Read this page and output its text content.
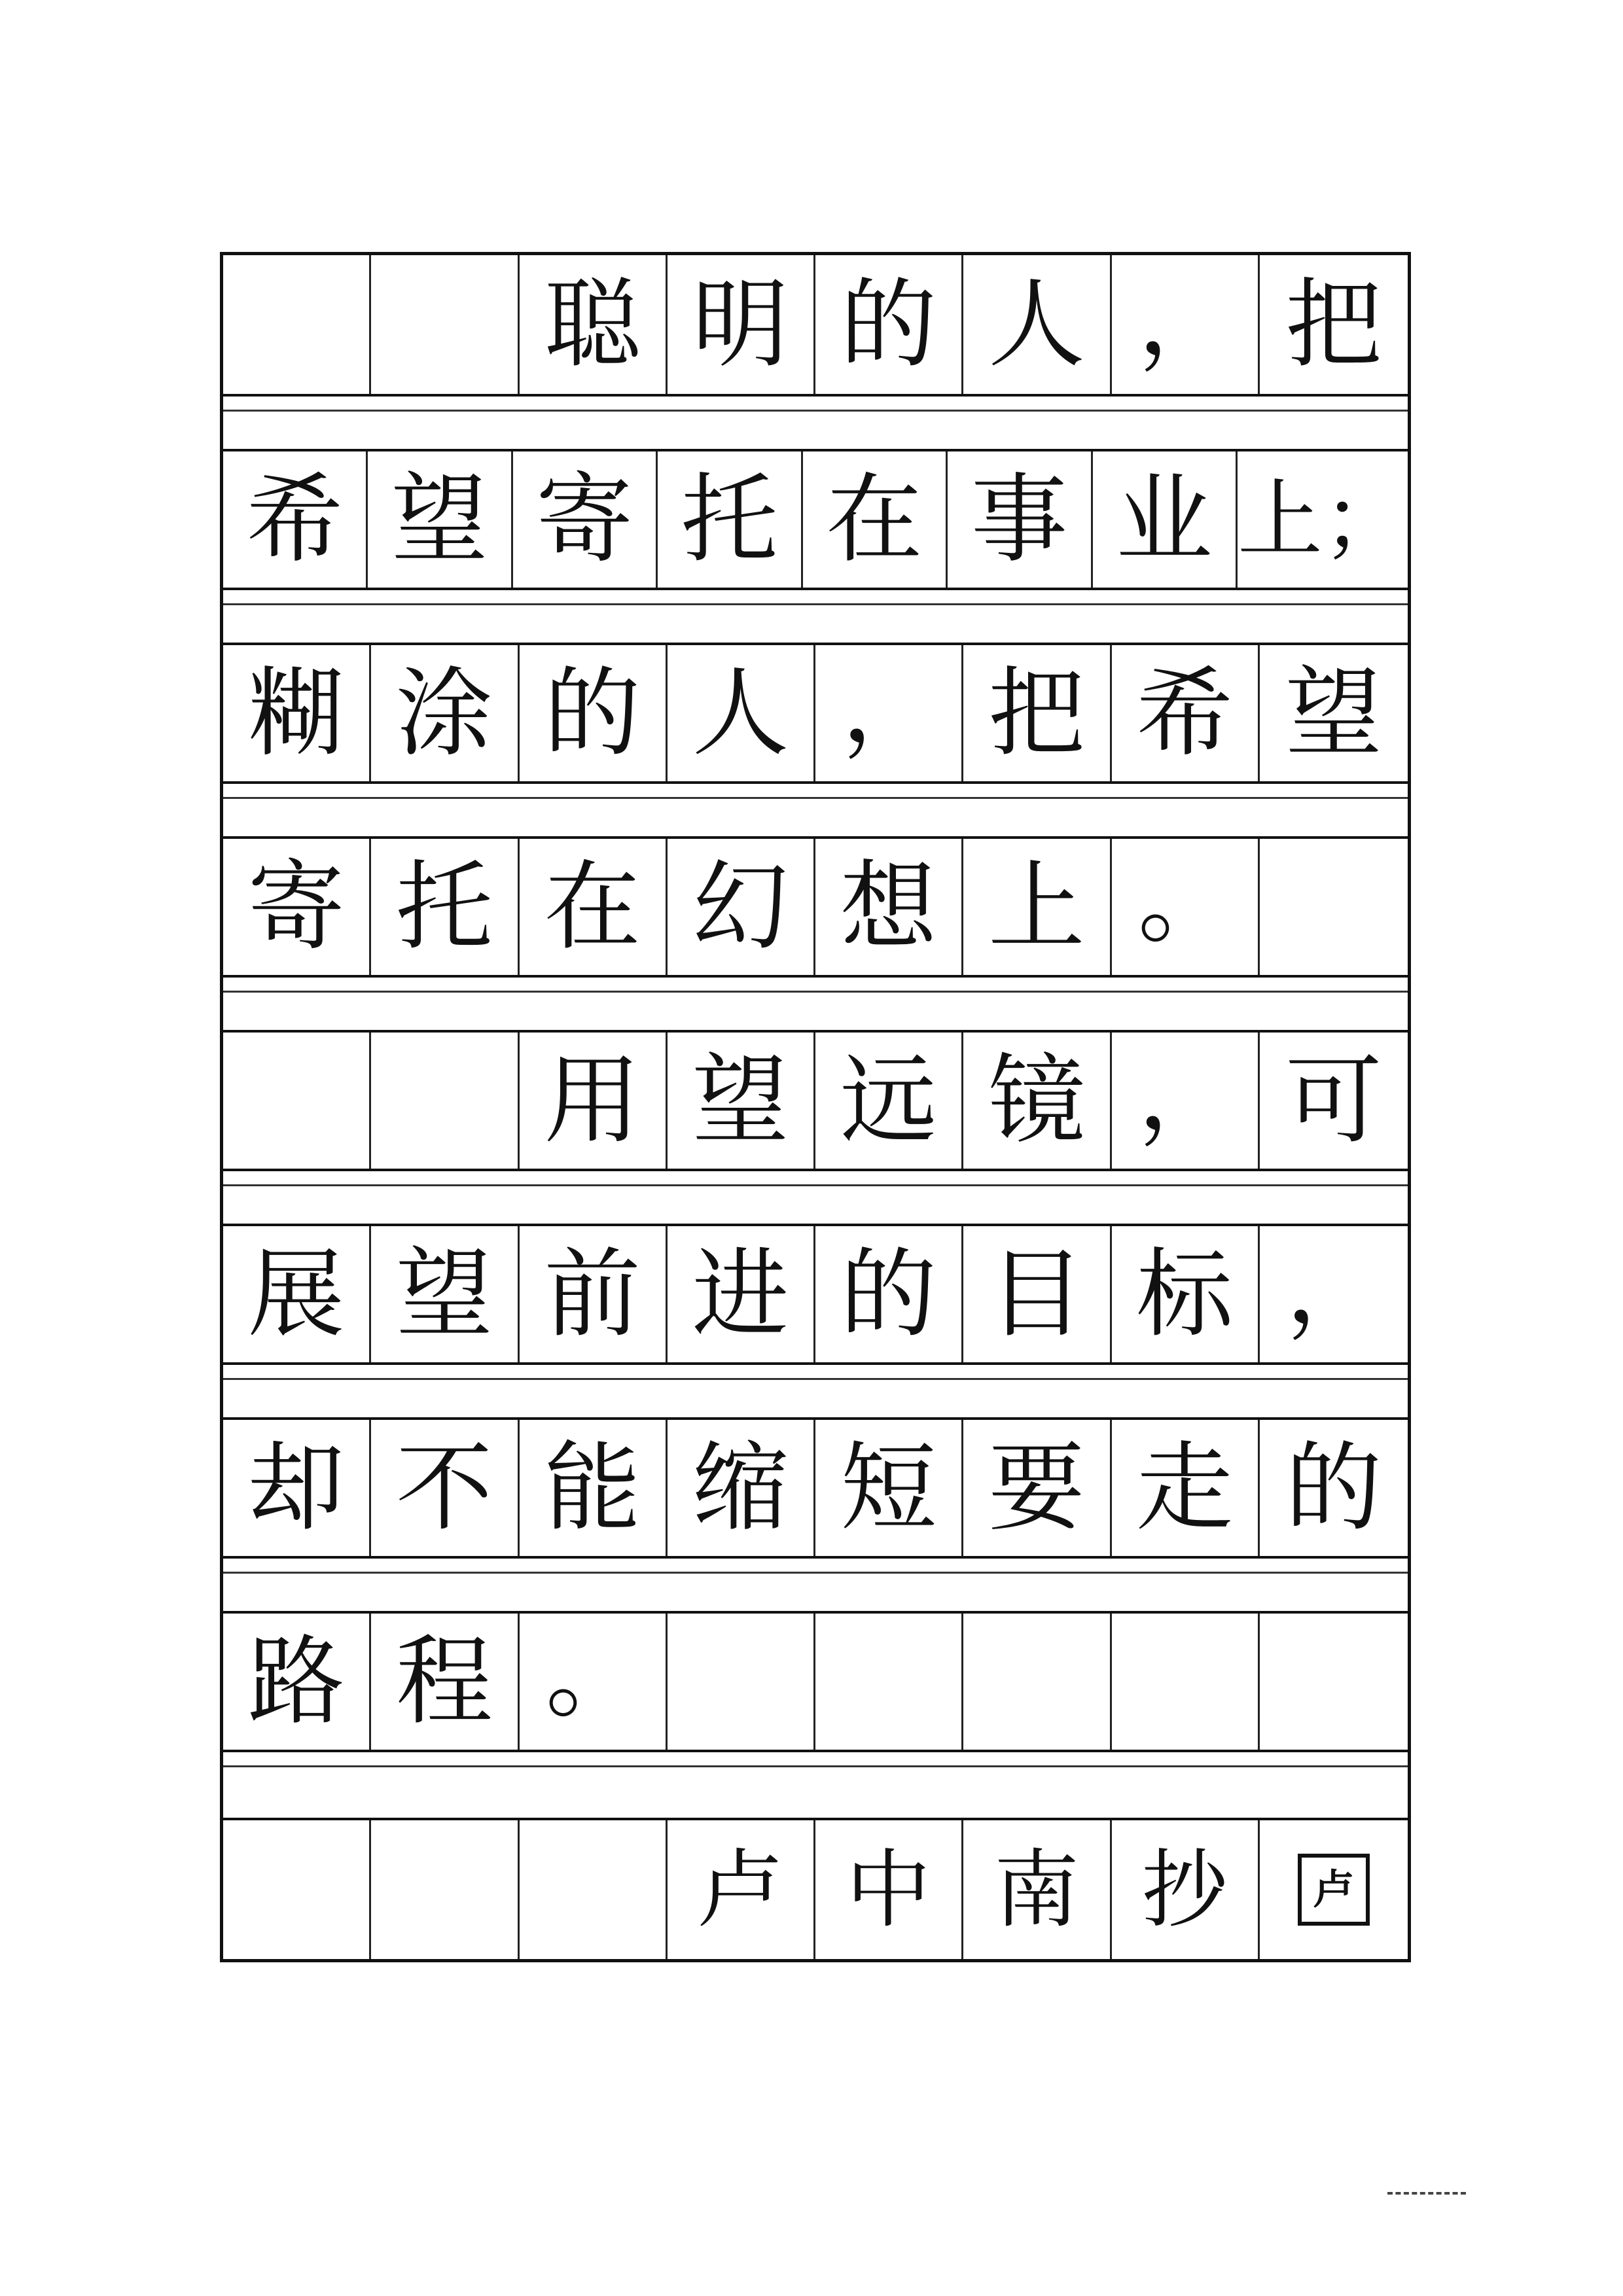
聪 明 的 人 ， 把
希 望 寄 托 在 事 业 上；
糊 涂 的 人 ， 把 希 望
寄 托 在 幻 想 上 。
用 望 远 镜 ， 可
展 望 前 进 的 目 标 ，
却 不 能 缩 短 要 走 的
路 程 。
卢 中 南 抄	卢
